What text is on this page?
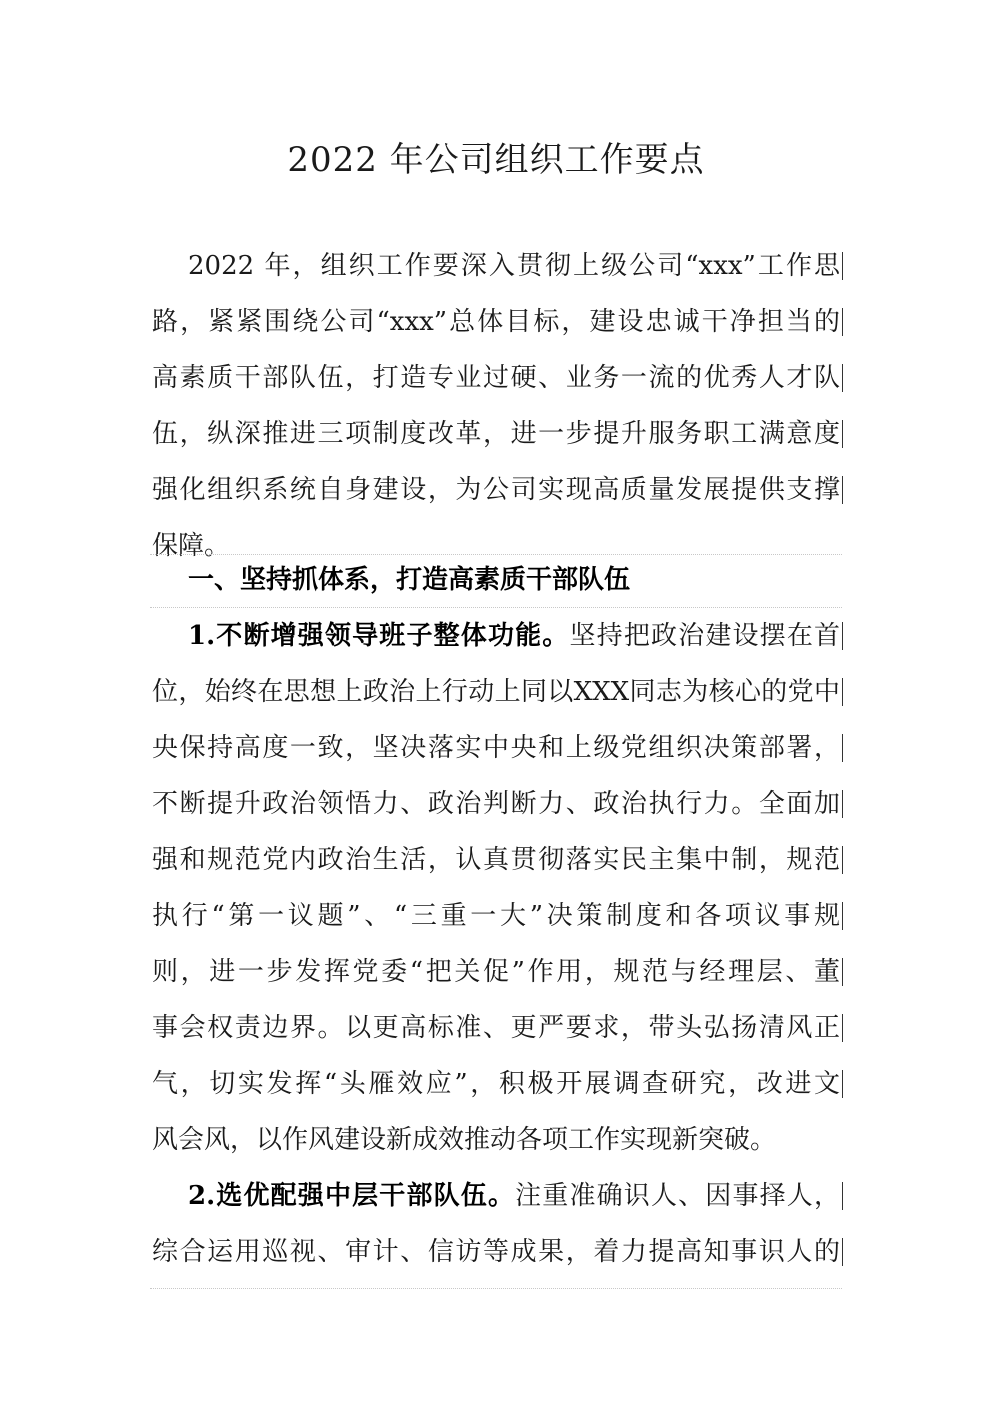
2022 年公司组织工作要点
2022 年，组织工作要深入贯彻上级公司“xxx”工作思
路，紧紧围绕公司“xxx”总体目标，建设忠诚干净担当的
高素质干部队伍，打造专业过硬、业务一流的优秀人才队
伍，纵深推进三项制度改革，进一步提升服务职工满意度
强化组织系统自身建设，为公司实现高质量发展提供支撑
保障。
一、坚持抓体系，打造高素质干部队伍
1.不断增强领导班子整体功能。坚持把政治建设摆在首
位，始终在思想上政治上行动上同以XXX同志为核心的党中
央保持高度一致，坚决落实中央和上级党组织决策部署，
不断提升政治领悟力、政治判断力、政治执行力。全面加
强和规范党内政治生活，认真贯彻落实民主集中制，规范
执行“第一议题”、“三重一大”决策制度和各项议事规
则，进一步发挥党委“把关促”作用，规范与经理层、董
事会权责边界。以更高标准、更严要求，带头弘扬清风正
气，切实发挥“头雁效应”，积极开展调查研究，改进文
风会风，以作风建设新成效推动各项工作实现新突破。
2.选优配强中层干部队伍。注重准确识人、因事择人，
综合运用巡视、审计、信访等成果，着力提高知事识人的
